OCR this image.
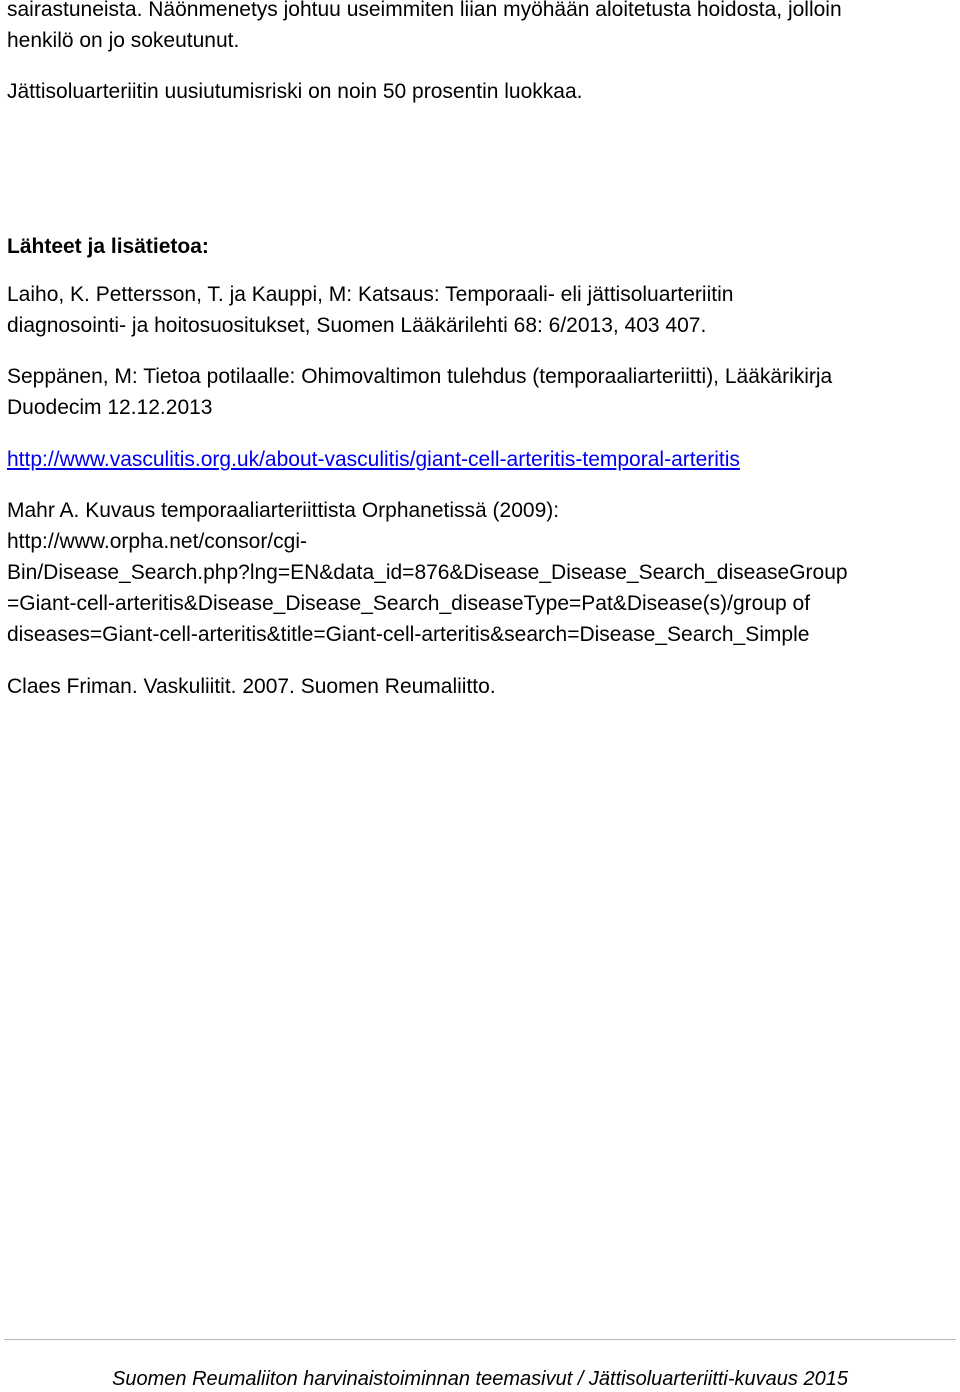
sairastuneista. Näönmenetys johtuu useimmiten liian myöhään aloitetusta hoidosta, jolloin
henkilö on jo sokeutunut.
Jättisoluarteriitin uusiutumisriski on noin 50 prosentin luokkaa.
Lähteet ja lisätietoa:
Laiho, K. Pettersson, T. ja Kauppi, M: Katsaus: Temporaali- eli jättisoluarteriitin
diagnosointi- ja hoitosuositukset, Suomen Lääkärilehti 68: 6/2013, 403 407.
Seppänen, M: Tietoa potilaalle: Ohimovaltimon tulehdus (temporaaliarteriitti), Lääkärikirja
Duodecim 12.12.2013
http://www.vasculitis.org.uk/about-vasculitis/giant-cell-arteritis-temporal-arteritis
Mahr A. Kuvaus temporaaliarteriittista Orphanetissä (2009):
http://www.orpha.net/consor/cgi-
Bin/Disease_Search.php?lng=EN&data_id=876&Disease_Disease_Search_diseaseGroup
=Giant-cell-arteritis&Disease_Disease_Search_diseaseType=Pat&Disease(s)/group of
diseases=Giant-cell-arteritis&title=Giant-cell-arteritis&search=Disease_Search_Simple
Claes Friman. Vaskuliitit. 2007. Suomen Reumaliitto.
Suomen Reumaliiton harvinaistoiminnan teemasivut / Jättisoluarteriitti-kuvaus 2015
